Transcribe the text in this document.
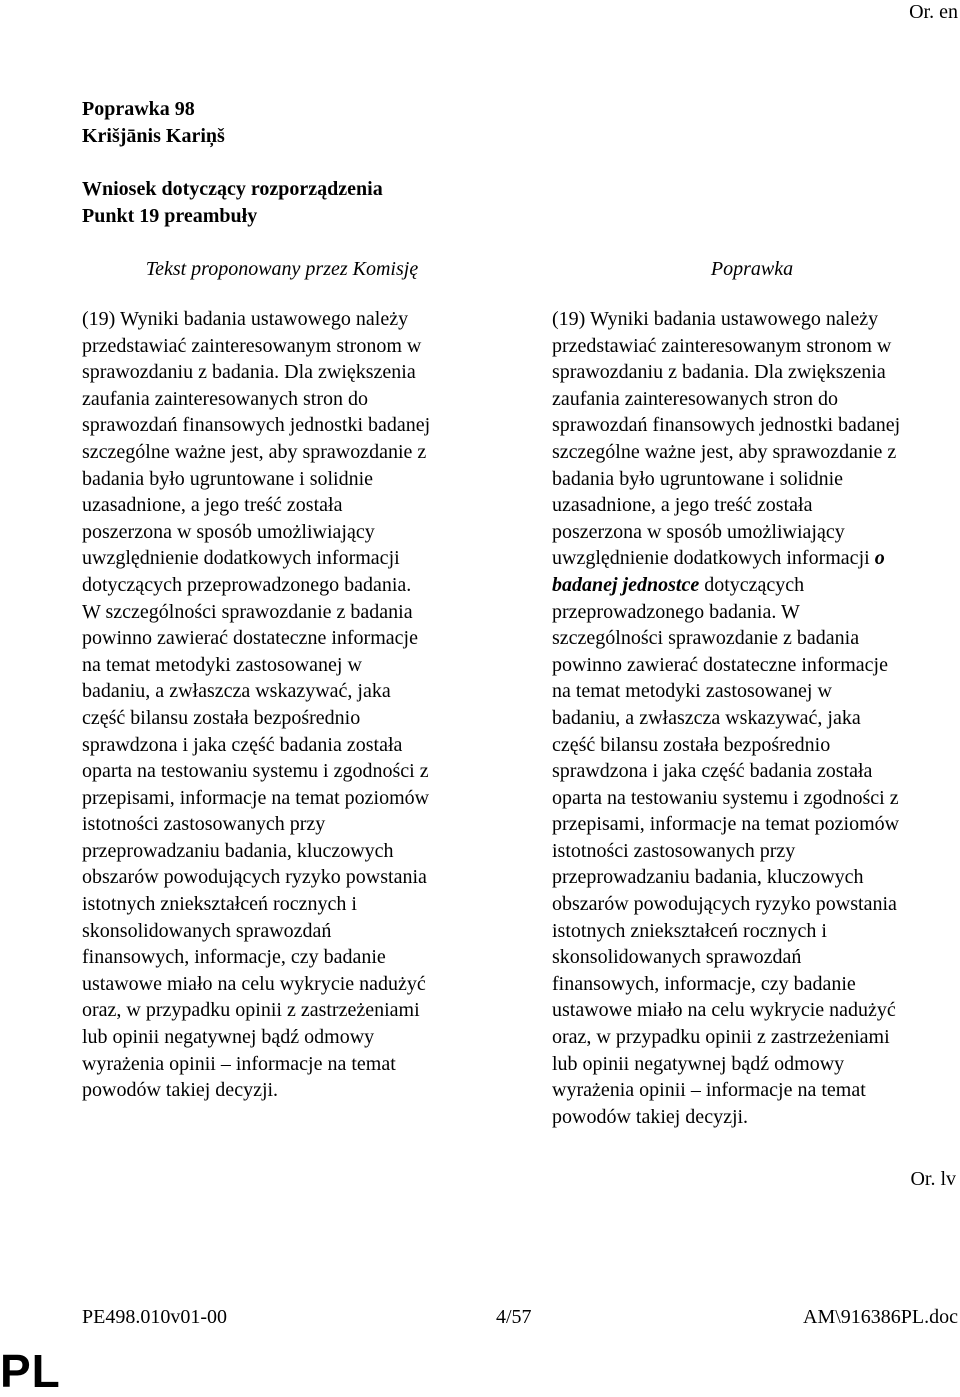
Or. en
Poprawka 98
Krišjānis Kariņš
Wniosek dotyczący rozporządzenia
Punkt 19 preambuły
Tekst proponowany przez Komisję	Poprawka
(19) Wyniki badania ustawowego należy
przedstawiać zainteresowanym stronom w
sprawozdaniu z badania. Dla zwiększenia
zaufania zainteresowanych stron do
sprawozdań finansowych jednostki badanej
szczególne ważne jest, aby sprawozdanie z
badania było ugruntowane i solidnie
uzasadnione, a jego treść została
poszerzona w sposób umożliwiający
uwzględnienie dodatkowych informacji
dotyczących przeprowadzonego badania.
W szczególności sprawozdanie z badania
powinno zawierać dostateczne informacje
na temat metodyki zastosowanej w
badaniu, a zwłaszcza wskazywać, jaka
część bilansu została bezpośrednio
sprawdzona i jaka część badania została
oparta na testowaniu systemu i zgodności z
przepisami, informacje na temat poziomów
istotności zastosowanych przy
przeprowadzaniu badania, kluczowych
obszarów powodujących ryzyko powstania
istotnych zniekształceń rocznych i
skonsolidowanych sprawozdań
finansowych, informacje, czy badanie
ustawowe miało na celu wykrycie nadużyć
oraz, w przypadku opinii z zastrzeżeniami
lub opinii negatywnej bądź odmowy
wyrażenia opinii – informacje na temat
powodów takiej decyzji.
(19) Wyniki badania ustawowego należy
przedstawiać zainteresowanym stronom w
sprawozdaniu z badania. Dla zwiększenia
zaufania zainteresowanych stron do
sprawozdań finansowych jednostki badanej
szczególne ważne jest, aby sprawozdanie z
badania było ugruntowane i solidnie
uzasadnione, a jego treść została
poszerzona w sposób umożliwiający
uwzględnienie dodatkowych informacji o
badanej jednostce dotyczących
przeprowadzonego badania. W
szczególności sprawozdanie z badania
powinno zawierać dostateczne informacje
na temat metodyki zastosowanej w
badaniu, a zwłaszcza wskazywać, jaka
część bilansu została bezpośrednio
sprawdzona i jaka część badania została
oparta na testowaniu systemu i zgodności z
przepisami, informacje na temat poziomów
istotności zastosowanych przy
przeprowadzaniu badania, kluczowych
obszarów powodujących ryzyko powstania
istotnych zniekształceń rocznych i
skonsolidowanych sprawozdań
finansowych, informacje, czy badanie
ustawowe miało na celu wykrycie nadużyć
oraz, w przypadku opinii z zastrzeżeniami
lub opinii negatywnej bądź odmowy
wyrażenia opinii – informacje na temat
powodów takiej decyzji.
Or. lv
PE498.010v01-00	4/57	AM\916386PL.doc
PL
